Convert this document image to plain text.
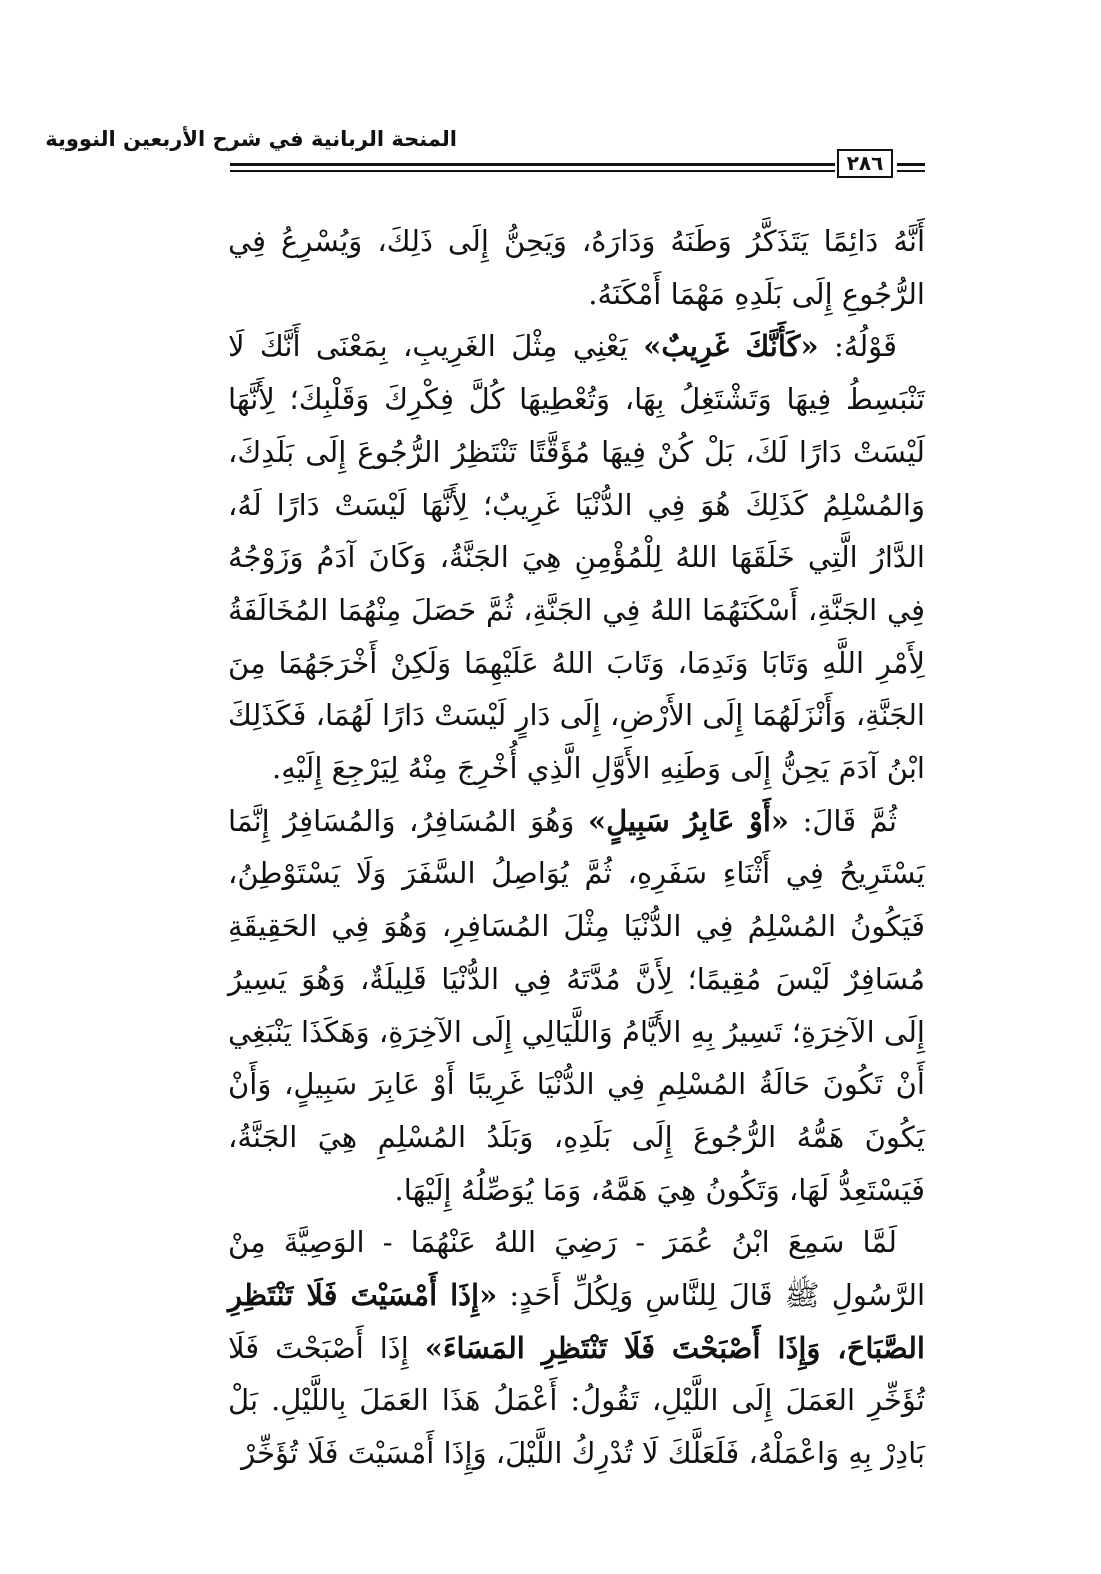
المنحة الربانية في شرح الأربعين النووية
٢٨٦

أَنَّهُ دَائِمًا يَتَذَكَّرُ وَطَنَهُ وَدَارَهُ، وَيَحِنُّ إِلَى ذَلِكَ، وَيُسْرِعُ فِي الرُّجُوعِ إِلَى بَلَدِهِ مَهْمَا أَمْكَنَهُ.

قَوْلُهُ: «كَأَنَّكَ غَرِيبٌ» يَعْنِي مِثْلَ الغَرِيبِ، بِمَعْنَى أَنَّكَ لَا تَنْبَسِطُ فِيهَا وَتَشْتَغِلُ بِهَا، وَتُعْطِيهَا كُلَّ فِكْرِكَ وَقَلْبِكَ؛ لِأَنَّهَا لَيْسَتْ دَارًا لَكَ، بَلْ كُنْ فِيهَا مُؤَقَّتًا تَنْتَظِرُ الرُّجُوعَ إِلَى بَلَدِكَ، وَالمُسْلِمُ كَذَلِكَ هُوَ فِي الدُّنْيَا غَرِيبٌ؛ لِأَنَّهَا لَيْسَتْ دَارًا لَهُ، الدَّارُ الَّتِي خَلَقَهَا اللهُ لِلْمُؤْمِنِ هِيَ الجَنَّةُ، وَكَانَ آدَمُ وَزَوْجُهُ فِي الجَنَّةِ، أَسْكَنَهُمَا اللهُ فِي الجَنَّةِ، ثُمَّ حَصَلَ مِنْهُمَا المُخَالَفَةُ لِأَمْرِ اللَّهِ وَتَابَا وَنَدِمَا، وَتَابَ اللهُ عَلَيْهِمَا وَلَكِنْ أَخْرَجَهُمَا مِنَ الجَنَّةِ، وَأَنْزَلَهُمَا إِلَى الأَرْضِ، إِلَى دَارٍ لَيْسَتْ دَارًا لَهُمَا، فَكَذَلِكَ ابْنُ آدَمَ يَحِنُّ إِلَى وَطَنِهِ الأَوَّلِ الَّذِي أُخْرِجَ مِنْهُ لِيَرْجِعَ إِلَيْهِ.

ثُمَّ قَالَ: «أَوْ عَابِرُ سَبِيلٍ» وَهُوَ المُسَافِرُ، وَالمُسَافِرُ إِنَّمَا يَسْتَرِيحُ فِي أَثْنَاءِ سَفَرِهِ، ثُمَّ يُوَاصِلُ السَّفَرَ وَلَا يَسْتَوْطِنُ، فَيَكُونُ المُسْلِمُ فِي الدُّنْيَا مِثْلَ المُسَافِرِ، وَهُوَ فِي الحَقِيقَةِ مُسَافِرٌ لَيْسَ مُقِيمًا؛ لِأَنَّ مُدَّتَهُ فِي الدُّنْيَا قَلِيلَةٌ، وَهُوَ يَسِيرُ إِلَى الآخِرَةِ؛ تَسِيرُ بِهِ الأَيَّامُ وَاللَّيَالِي إِلَى الآخِرَةِ، وَهَكَذَا يَنْبَغِي أَنْ تَكُونَ حَالَةُ المُسْلِمِ فِي الدُّنْيَا غَرِيبًا أَوْ عَابِرَ سَبِيلٍ، وَأَنْ يَكُونَ هَمُّهُ الرُّجُوعَ إِلَى بَلَدِهِ، وَبَلَدُ المُسْلِمِ هِيَ الجَنَّةُ، فَيَسْتَعِدُّ لَهَا، وَتَكُونُ هِيَ هَمَّهُ، وَمَا يُوَصِّلُهُ إِلَيْهَا.

لَمَّا سَمِعَ ابْنُ عُمَرَ - رَضِيَ اللهُ عَنْهُمَا - الوَصِيَّةَ مِنْ الرَّسُولِ ﷺ قَالَ لِلنَّاسِ وَلِكُلِّ أَحَدٍ: «إِذَا أَمْسَيْتَ فَلَا تَنْتَظِرِ الصَّبَاحَ، وَإِذَا أَصْبَحْتَ فَلَا تَنْتَظِرِ المَسَاءَ» إِذَا أَصْبَحْتَ فَلَا تُؤَخِّرِ العَمَلَ إِلَى اللَّيْلِ، تَقُولُ: أَعْمَلُ هَذَا العَمَلَ بِاللَّيْلِ. بَلْ بَادِرْ بِهِ وَاعْمَلْهُ، فَلَعَلَّكَ لَا تُدْرِكُ اللَّيْلَ، وَإِذَا أَمْسَيْتَ فَلَا تُؤَخِّرْ
